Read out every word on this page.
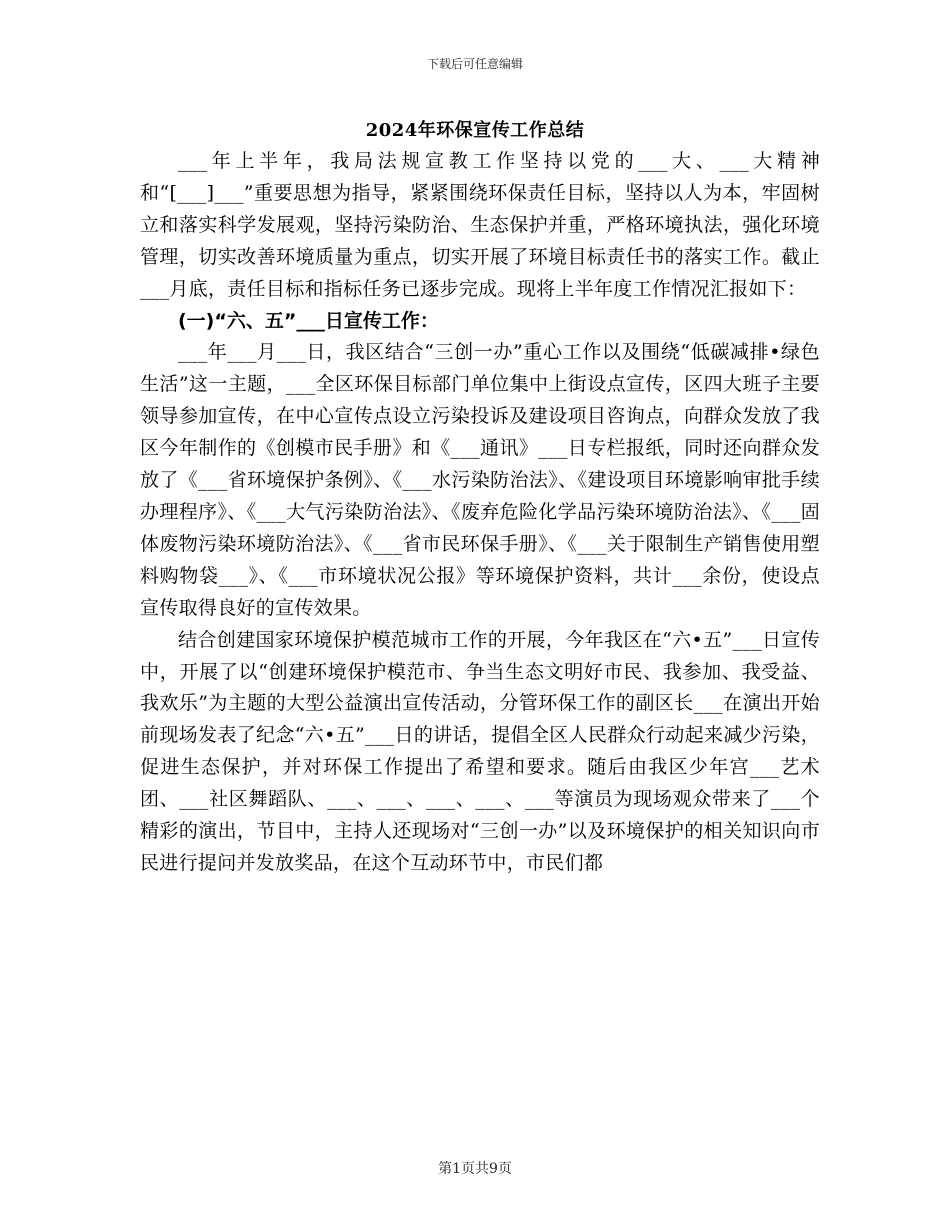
下载后可任意编辑
2024年环保宣传工作总结

___年上半年，我局法规宣教工作坚持以党的___大、___大精神和“[___]___”重要思想为指导，紧紧围绕环保责任目标，坚持以人为本，牢固树立和落实科学发展观，坚持污染防治、生态保护并重，严格环境执法，强化环境管理，切实改善环境质量为重点，切实开展了环境目标责任书的落实工作。截止___月底，责任目标和指标任务已逐步完成。现将上半年度工作情况汇报如下：

(一)“六、五”___日宣传工作：

___年___月___日，我区结合“三创一办”重心工作以及围绕“低碳减排•绿色生活”这一主题，___全区环保目标部门单位集中上街设点宣传，区四大班子主要领导参加宣传，在中心宣传点设立污染投诉及建设项目咨询点，向群众发放了我区今年制作的《创模市民手册》和《___通讯》___日专栏报纸，同时还向群众发放了《___省环境保护条例》、《___水污染防治法》、《建设项目环境影响审批手续办理程序》、《___大气污染防治法》、《废弃危险化学品污染环境防治法》、《___固体废物污染环境防治法》、《___省市民环保手册》、《___关于限制生产销售使用塑料购物袋___》、《___市环境状况公报》等环境保护资料，共计___余份，使设点宣传取得良好的宣传效果。

结合创建国家环境保护模范城市工作的开展，今年我区在“六•五”___日宣传中，开展了以“创建环境保护模范市、争当生态文明好市民、我参加、我受益、我欢乐”为主题的大型公益演出宣传活动，分管环保工作的副区长___在演出开始前现场发表了纪念“六•五”___日的讲话，提倡全区人民群众行动起来减少污染，促进生态保护，并对环保工作提出了希望和要求。随后由我区少年宫___艺术团、___社区舞蹈队、___、___、___、___、___等演员为现场观众带来了___个精彩的演出，节目中，主持人还现场对“三创一办”以及环境保护的相关知识向市民进行提问并发放奖品，在这个互动环节中，市民们都

第1页共9页
